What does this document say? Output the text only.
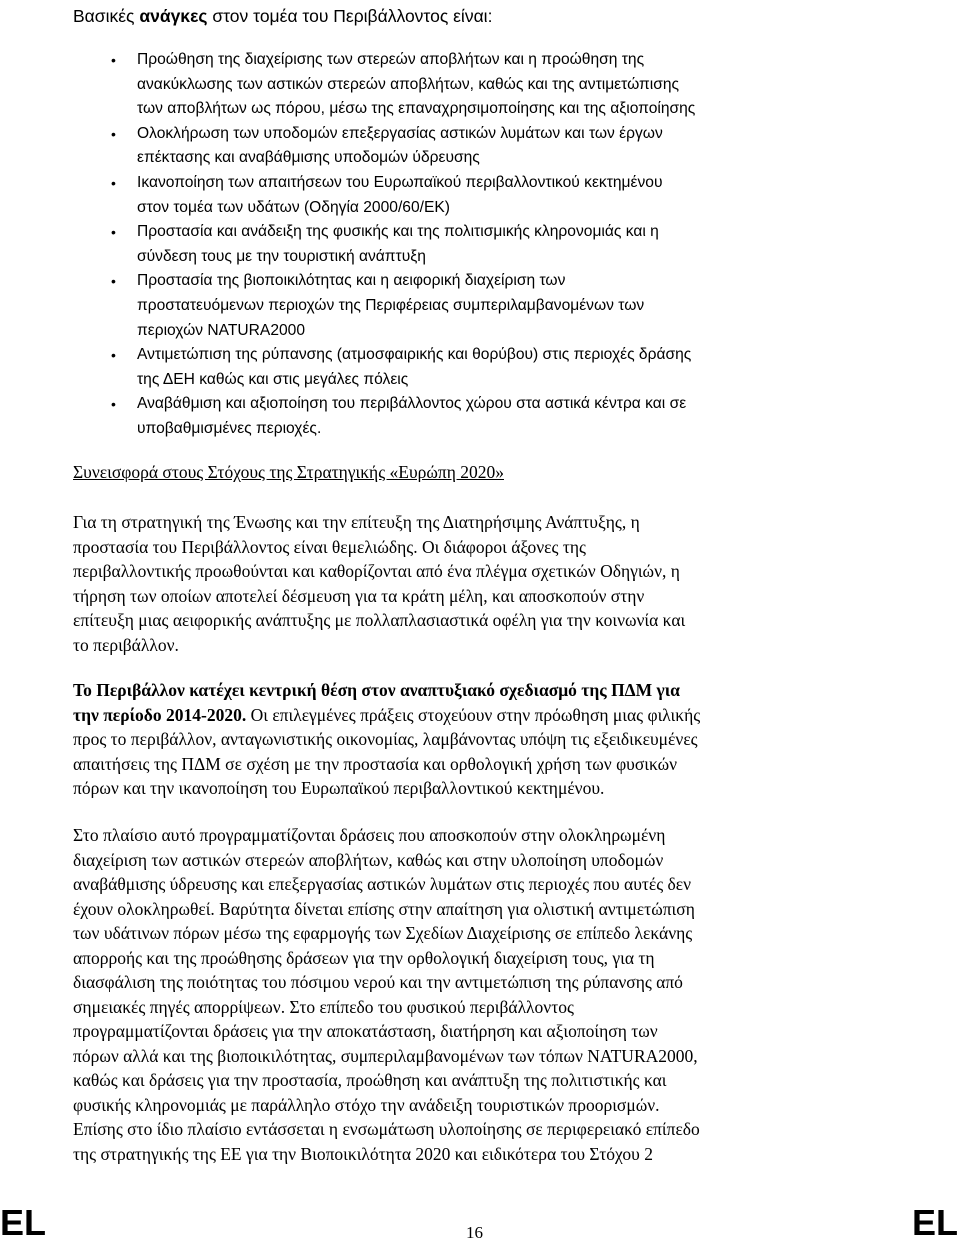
Βασικές ανάγκες στον τομέα του Περιβάλλοντος είναι:
• Προώθηση της διαχείρισης των στερεών αποβλήτων και η προώθηση της
ανακύκλωσης των αστικών στερεών αποβλήτων, καθώς και της αντιμετώπισης
των αποβλήτων ως πόρου, μέσω της επαναχρησιμοποίησης και της αξιοποίησης
• Ολοκλήρωση των υποδομών επεξεργασίας αστικών λυμάτων και των έργων
επέκτασης και αναβάθμισης υποδομών ύδρευσης
• Ικανοποίηση των απαιτήσεων του Ευρωπαϊκού περιβαλλοντικού κεκτημένου
στον τομέα των υδάτων (Οδηγία 2000/60/ΕΚ)
• Προστασία και ανάδειξη της φυσικής και της πολιτισμικής κληρονομιάς και η
σύνδεση τους με την τουριστική ανάπτυξη
• Προστασία της βιοποικιλότητας και η αειφορική διαχείριση των
προστατευόμενων περιοχών της Περιφέρειας συμπεριλαμβανομένων των
περιοχών NATURA2000
• Αντιμετώπιση της ρύπανσης (ατμοσφαιρικής και θορύβου) στις περιοχές δράσης
της ΔΕΗ καθώς και στις μεγάλες πόλεις
• Αναβάθμιση και αξιοποίηση του περιβάλλοντος χώρου στα αστικά κέντρα και σε
υποβαθμισμένες περιοχές.
Συνεισφορά στους Στόχους της Στρατηγικής «Ευρώπη 2020»

Για τη στρατηγική της Ένωσης και την επίτευξη της Διατηρήσιμης Ανάπτυξης, η
προστασία του Περιβάλλοντος είναι θεμελιώδης. Οι διάφοροι άξονες της
περιβαλλοντικής προωθούνται και καθορίζονται από ένα πλέγμα σχετικών Οδηγιών, η
τήρηση των οποίων αποτελεί δέσμευση για τα κράτη μέλη, και αποσκοπούν στην
επίτευξη μιας αειφορικής ανάπτυξης με πολλαπλασιαστικά οφέλη για την κοινωνία και
το περιβάλλον.

Το Περιβάλλον κατέχει κεντρική θέση στον αναπτυξιακό σχεδιασμό της ΠΔΜ για
την περίοδο 2014-2020. Οι επιλεγμένες πράξεις στοχεύουν στην πρόωθηση μιας φιλικής
προς το περιβάλλον, ανταγωνιστικής οικονομίας, λαμβάνοντας υπόψη τις εξειδικευμένες
απαιτήσεις της ΠΔΜ σε σχέση με την προστασία και ορθολογική χρήση των φυσικών
πόρων και την ικανοποίηση του Ευρωπαϊκού περιβαλλοντικού κεκτημένου.

Στο πλαίσιο αυτό προγραμματίζονται δράσεις που αποσκοπούν στην ολοκληρωμένη
διαχείριση των αστικών στερεών αποβλήτων, καθώς και στην υλοποίηση υποδομών
αναβάθμισης ύδρευσης και επεξεργασίας αστικών λυμάτων στις περιοχές που αυτές δεν
έχουν ολοκληρωθεί. Βαρύτητα δίνεται επίσης στην απαίτηση για ολιστική αντιμετώπιση
των υδάτινων πόρων μέσω της εφαρμογής των Σχεδίων Διαχείρισης σε επίπεδο λεκάνης
απορροής και της προώθησης δράσεων για την ορθολογική διαχείριση τους, για τη
διασφάλιση της ποιότητας του πόσιμου νερού και την αντιμετώπιση της ρύπανσης από
σημειακές πηγές απορρίψεων. Στο επίπεδο του φυσικού περιβάλλοντος
προγραμματίζονται δράσεις για την αποκατάσταση, διατήρηση και αξιοποίηση των
πόρων αλλά και της βιοποικιλότητας, συμπεριλαμβανομένων των τόπων NATURA2000,
καθώς και δράσεις για την προστασία, προώθηση και ανάπτυξη της πολιτιστικής και
φυσικής κληρονομιάς με παράλληλο στόχο την ανάδειξη τουριστικών προορισμών.
Επίσης στο ίδιο πλαίσιο εντάσσεται η ενσωμάτωση υλοποίησης σε περιφερειακό επίπεδο
της στρατηγικής της ΕΕ για την Βιοποικιλότητα 2020 και ειδικότερα του Στόχου 2

EL	16	EL
